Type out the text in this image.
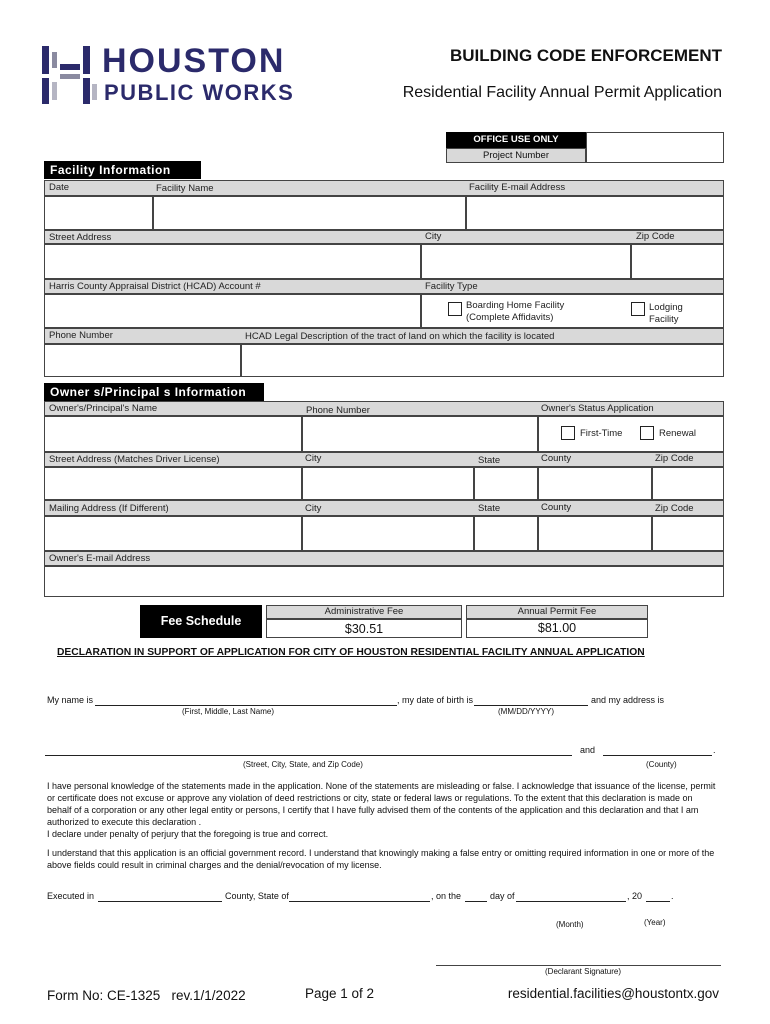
HOUSTON
PUBLIC WORKS
BUILDING CODE ENFORCEMENT
Residential Facility Annual Permit Application
OFFICE USE ONLY
Project Number
Facility Information
Date	Facility Name	Facility E-mail Address
Street Address	City	Zip Code
Harris County Appraisal District (HCAD) Account #	Facility Type
Boarding Home Facility
(Complete Affidavits)
Lodging
Facility
Phone Number	HCAD Legal Description of the tract of land on which the facility is located
Owner s/Principal s Information
Owner's/Principal's Name	Phone Number	Owner's Status Application
First-Time	Renewal
Street Address (Matches Driver License)	City	State	County	Zip Code
Mailing Address (If Different)	City	State	County	Zip Code
Owner's E-mail Address
Fee Schedule
Administrative Fee
$30.51
Annual Permit Fee
$81.00
DECLARATION IN SUPPORT OF APPLICATION FOR CITY OF HOUSTON RESIDENTIAL FACILITY ANNUAL APPLICATION
My name is	, my date of birth is	and my address is
(First, Middle, Last Name)	(MM/DD/YYYY)
and	.
(Street, City, State, and Zip Code)	(County)
I have personal knowledge of the statements made in the application. None of the statements are misleading or false. I acknowledge that issuance of the license, permit or certificate does not excuse or approve any violation of deed restrictions or city, state or federal laws or regulations. To the extent that this declaration is made on behalf of a corporation or any other legal entity or persons, I certify that I have fully advised them of the contents of the application and this declaration and that I am authorized to execute this declaration .
I declare under penalty of perjury that the foregoing is true and correct.
I understand that this application is an official government record. I understand that knowingly making a false entry or omitting required information in one or more of the above fields could result in criminal charges and the denial/revocation of my license.
Executed in	County, State of	, on the	day of	, 20	.
(Month)	(Year)
(Declarant Signature)
Form No: CE-1325   rev.1/1/2022	Page 1 of 2	residential.facilities@houstontx.gov
